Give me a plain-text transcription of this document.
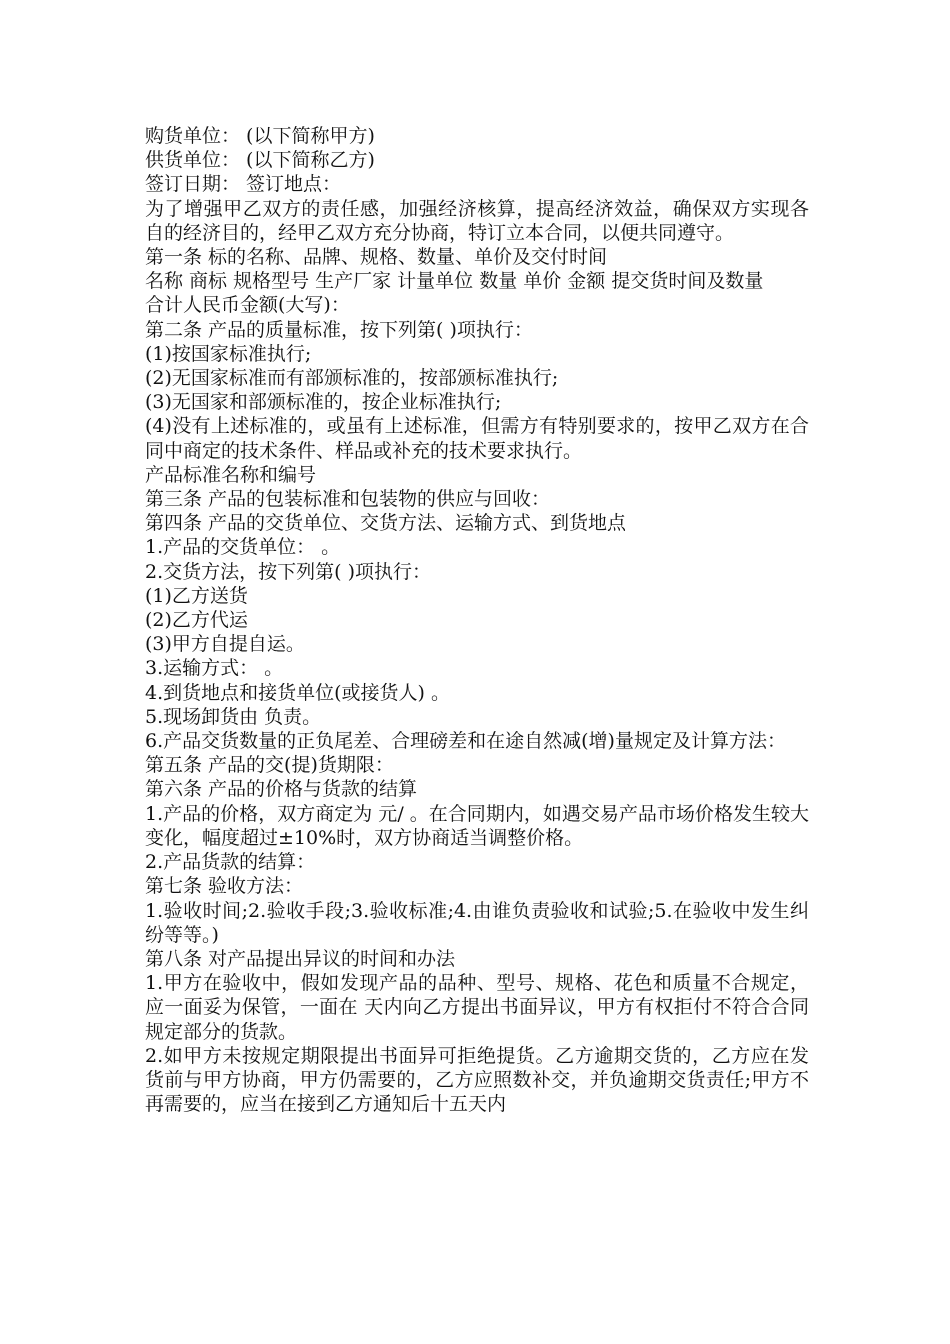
购货单位： (以下简称甲方)
供货单位： (以下简称乙方)
签订日期： 签订地点：
为了增强甲乙双方的责任感，加强经济核算，提高经济效益，确保双方实现各自的经济目的，经甲乙双方充分协商，特订立本合同，以便共同遵守。
第一条 标的名称、品牌、规格、数量、单价及交付时间
名称 商标 规格型号 生产厂家 计量单位 数量 单价 金额 提交货时间及数量
合计人民币金额(大写)：
第二条 产品的质量标准，按下列第( )项执行：
(1)按国家标准执行;
(2)无国家标准而有部颁标准的，按部颁标准执行;
(3)无国家和部颁标准的，按企业标准执行;
(4)没有上述标准的，或虽有上述标准，但需方有特别要求的，按甲乙双方在合同中商定的技术条件、样品或补充的技术要求执行。
产品标准名称和编号
第三条 产品的包装标准和包装物的供应与回收：
第四条 产品的交货单位、交货方法、运输方式、到货地点
1.产品的交货单位： 。
2.交货方法，按下列第( )项执行：
(1)乙方送货
(2)乙方代运
(3)甲方自提自运。
3.运输方式： 。
4.到货地点和接货单位(或接货人) 。
5.现场卸货由 负责。
6.产品交货数量的正负尾差、合理磅差和在途自然减(增)量规定及计算方法：
第五条 产品的交(提)货期限：
第六条 产品的价格与货款的结算
1.产品的价格，双方商定为 元/ 。在合同期内，如遇交易产品市场价格发生较大变化，幅度超过±10%时，双方协商适当调整价格。
2.产品货款的结算：
第七条 验收方法：
1.验收时间;2.验收手段;3.验收标准;4.由谁负责验收和试验;5.在验收中发生纠纷等等。)
第八条 对产品提出异议的时间和办法
1.甲方在验收中，假如发现产品的品种、型号、规格、花色和质量不合规定，应一面妥为保管，一面在 天内向乙方提出书面异议，甲方有权拒付不符合合同规定部分的货款。
2.如甲方未按规定期限提出书面异可拒绝提货。乙方逾期交货的，乙方应在发货前与甲方协商，甲方仍需要的，乙方应照数补交，并负逾期交货责任;甲方不再需要的，应当在接到乙方通知后十五天内
